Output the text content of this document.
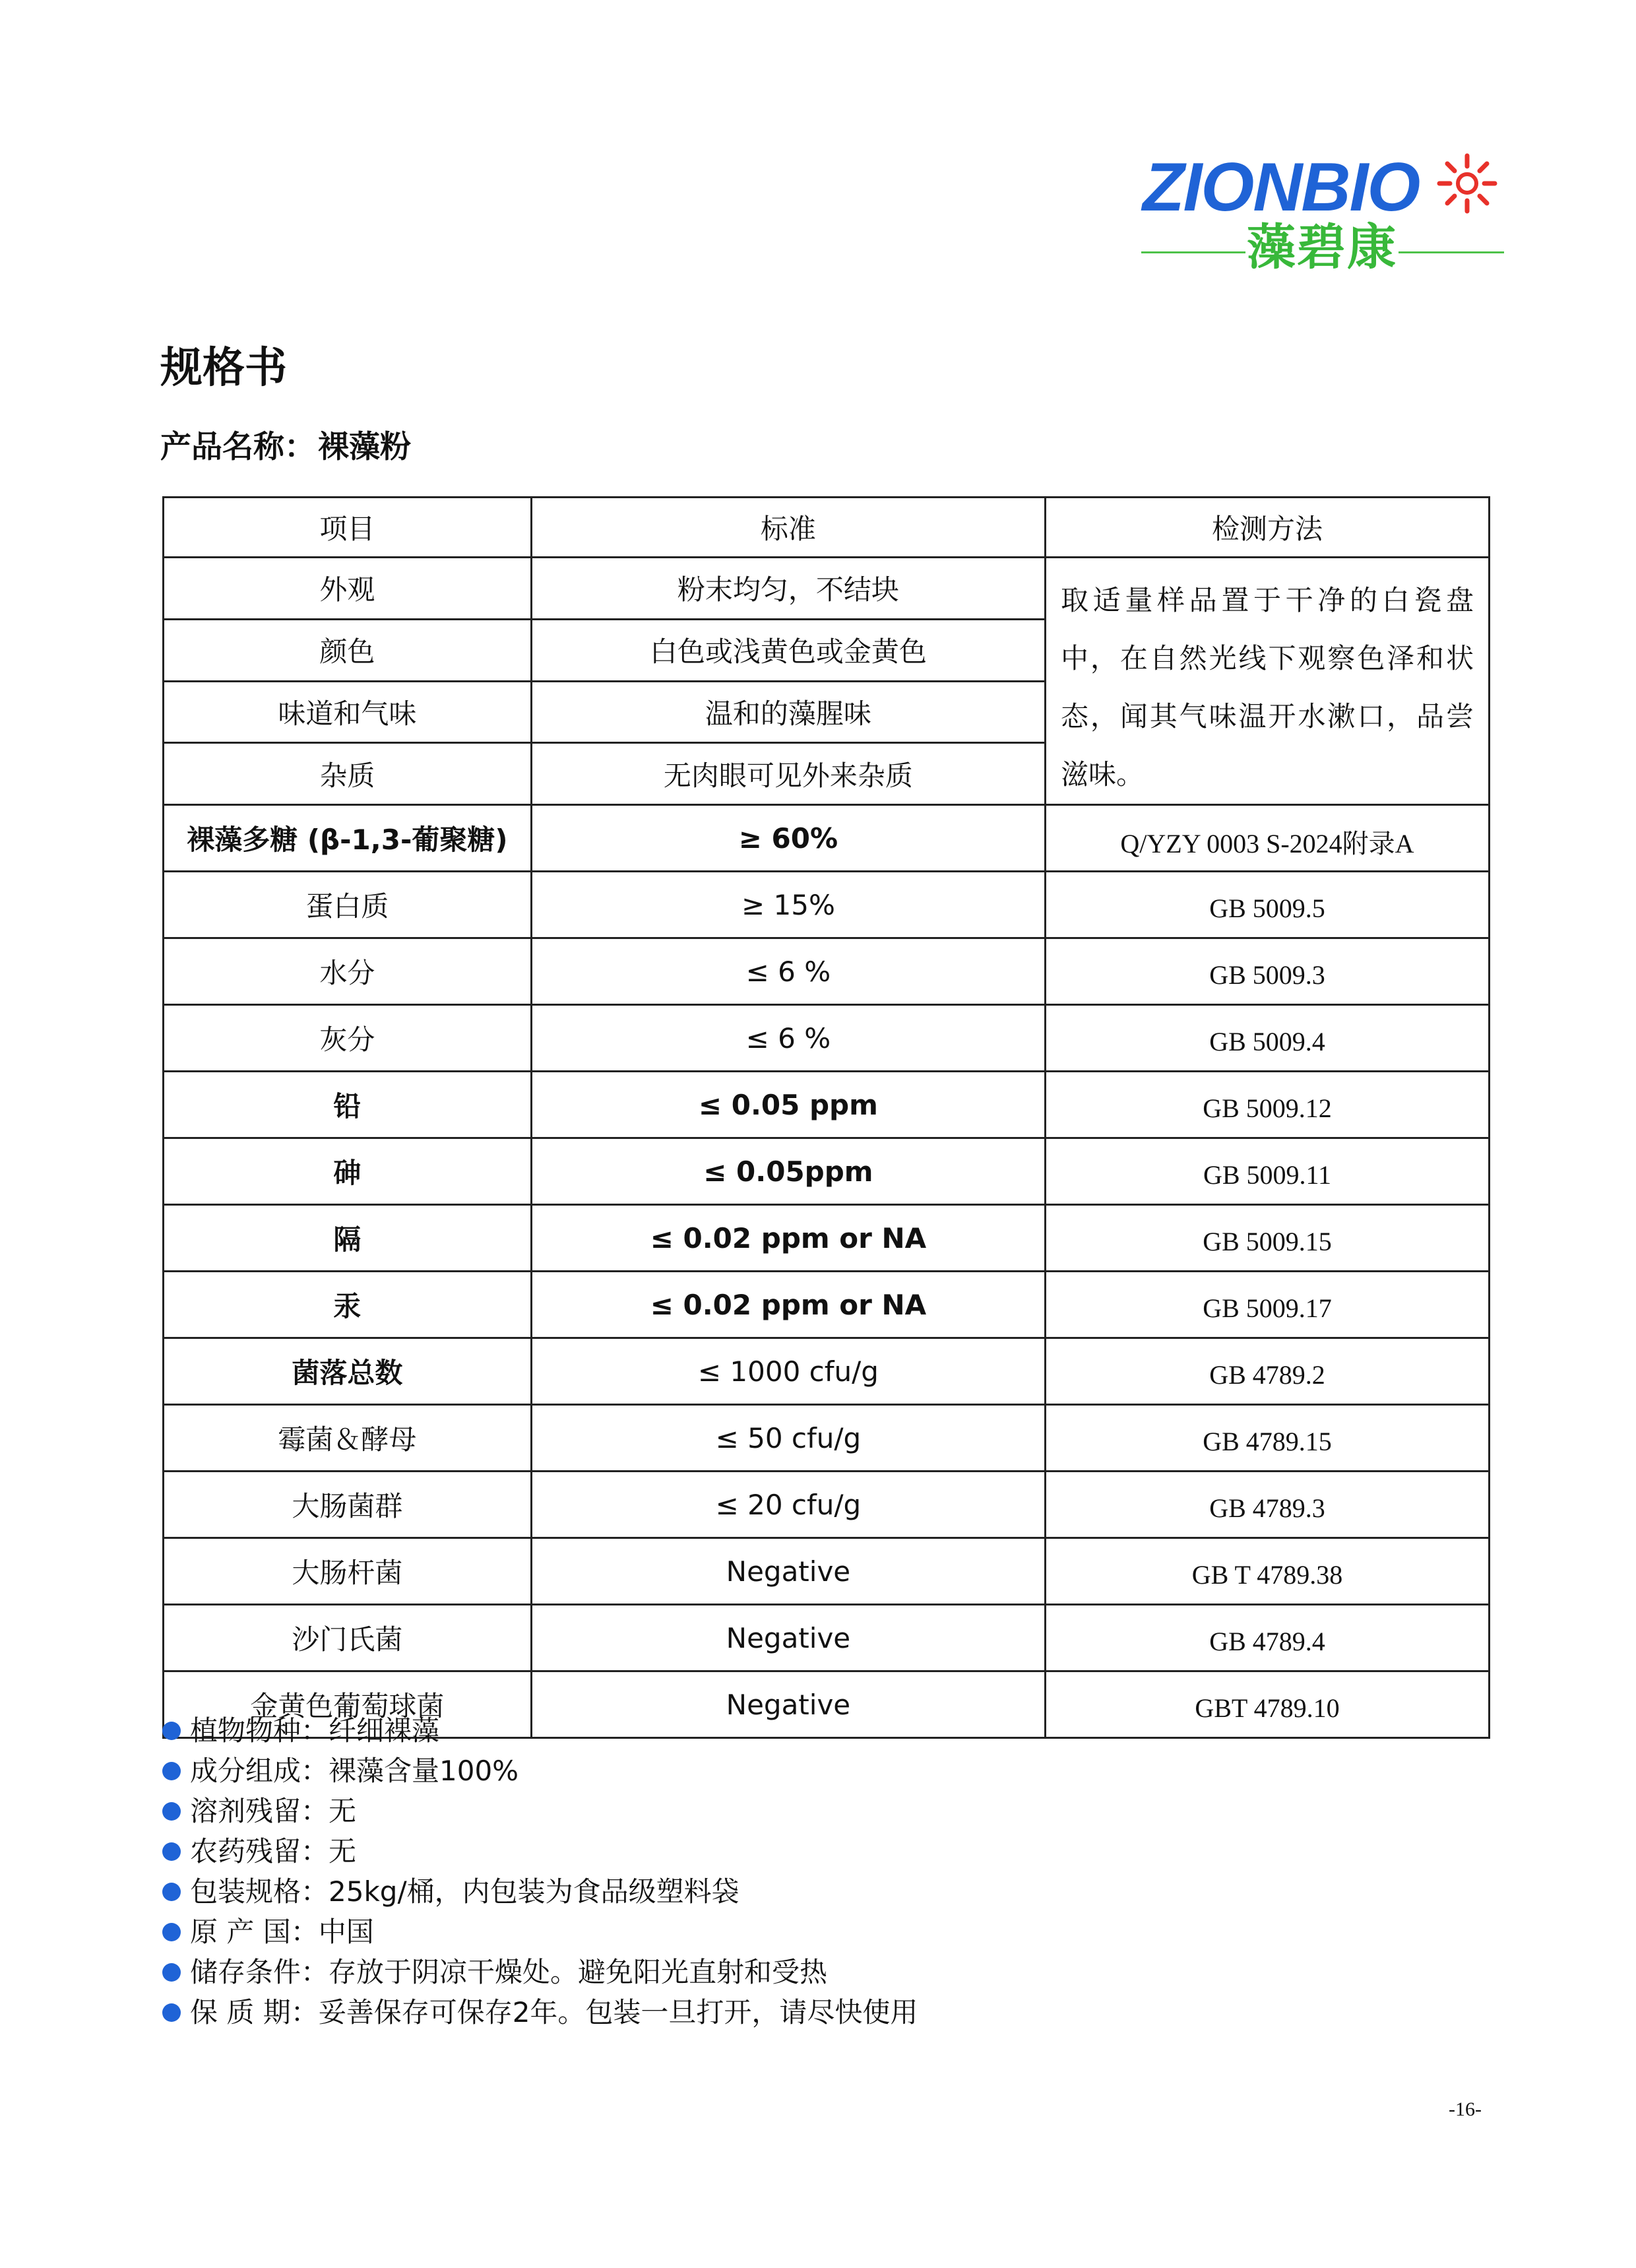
ZIONBIO
藻碧康
规格书
产品名称：裸藻粉
项目	标准	检测方法
外观	粉末均匀，不结块	取适量样品置于干净的白瓷盘中，在自然光线下观察色泽和状态，闻其气味温开水漱口，品尝滋味。
颜色	白色或浅黄色或金黄色	
味道和气味	温和的藻腥味	
杂质	无肉眼可见外来杂质	
裸藻多糖 (β-1,3-葡聚糖)	≥ 60%	Q/YZY 0003 S-2024附录A
蛋白质	≥ 15%	GB 5009.5
水分	≤ 6 %	GB 5009.3
灰分	≤ 6 %	GB 5009.4
铅	≤ 0.05 ppm	GB 5009.12
砷	≤ 0.05ppm	GB 5009.11
隔	≤ 0.02 ppm or NA	GB 5009.15
汞	≤ 0.02 ppm or NA	GB 5009.17
菌落总数	≤ 1000 cfu/g	GB 4789.2
霉菌＆酵母	≤ 50 cfu/g	GB 4789.15
大肠菌群	≤ 20 cfu/g	GB 4789.3
大肠杆菌	Negative	GB T 4789.38
沙门氏菌	Negative	GB 4789.4
金黄色葡萄球菌	Negative	GBT 4789.10
植物物种： 纤细裸藻
成分组成： 裸藻含量100%
溶剂残留： 无
农药残留： 无
包装规格： 25kg/桶，内包装为食品级塑料袋
原 产 国： 中国
储存条件： 存放于阴凉干燥处。避免阳光直射和受热
保 质 期： 妥善保存可保存2年。包装一旦打开，请尽快使用
-16-
